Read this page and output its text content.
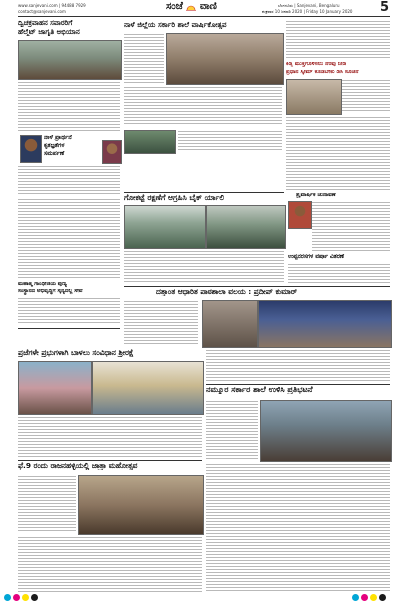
www.sanjevani.com | 94488 7929
contact@sanjevani.com	ಸಂಜೆ ವಾಣಿ	ಬೆಂಗಳೂರು | Sanjevani, Bengaluru
ಶುಕ್ರವಾರ 10 ಜನವರಿ 2020 | Friday 10 January 2020 5
ದ್ವಿಚಕ್ರವಾಹನ ಸವಾರರಿಗೆ
ಹೆಲ್ಮೆಟ್ ಜಾಗೃತಿ ಅಭಿಯಾನ
ನಾಳೆ ಪ್ರಾರ್ಥನೆ
ಕೃತಜ್ಞತೆಗಳ
ಸಮರ್ಪಣೆ
ನಾಳೆ ಜಿಲ್ಲೆಯ ಸರ್ಕಾರಿ ಶಾಲೆ ವಾರ್ಷಿಕೋತ್ಸವ
ಕಿಡ್ನಿ ಮುಕ್ತಗೊಳಿಸಲು ನೆರವು ನೀಡಿ
ಪ್ರಧಾನ ಸ್ಕೀಮ್ ಕೊಡಬೇಕು ಡಿಸಿ ಸೂಚನೆ
ಗೋಕಟ್ಟೆ ರಕ್ಷಣೆಗೆ ಆಗ್ರಹಿಸಿ ಬೈಕ್ ರ್ಯಾಲಿ
ಮಹಾತ್ಮ ಗಾಂಧೀಜಿಯ ಪುಣ್ಯ
ಸಂಸ್ಥಾನದ ಅಭಿವೃದ್ಧಿಗೆ ಸೈನ್ಯದಲ್ಲಿ ಸೇವೆ
ತ್ರೈವಾರ್ಷಿಕ ಚುನಾವಣೆ
ಉಪ್ಪನರಸಗಳ ವರ್ಷಾ ವಿತರಣೆ
ದತ್ತಾಂತ ಆಧಾರಿತ ಪಾಠಶಾಲಾ ವಲಯ : ಪ್ರದೀಪ್ ಕುಮಾರ್
ಪ್ರಜೆಗಳೇ ಪ್ರಭುಗಳಾಗಿ ಬಾಳಲು ಸಂವಿಧಾನ ಶ್ರೀರಕ್ಷೆ
ನಮ್ಮೂರ ಸರ್ಕಾರ ಶಾಲೆ ಉಳಿಸಿ ಪ್ರತಿಭಟನೆ
ಫೆ.9 ರಂದು ರಾಜನಹಳ್ಳಿಯಲ್ಲಿ ಜಾತ್ರಾ ಮಹೋತ್ಸವ
